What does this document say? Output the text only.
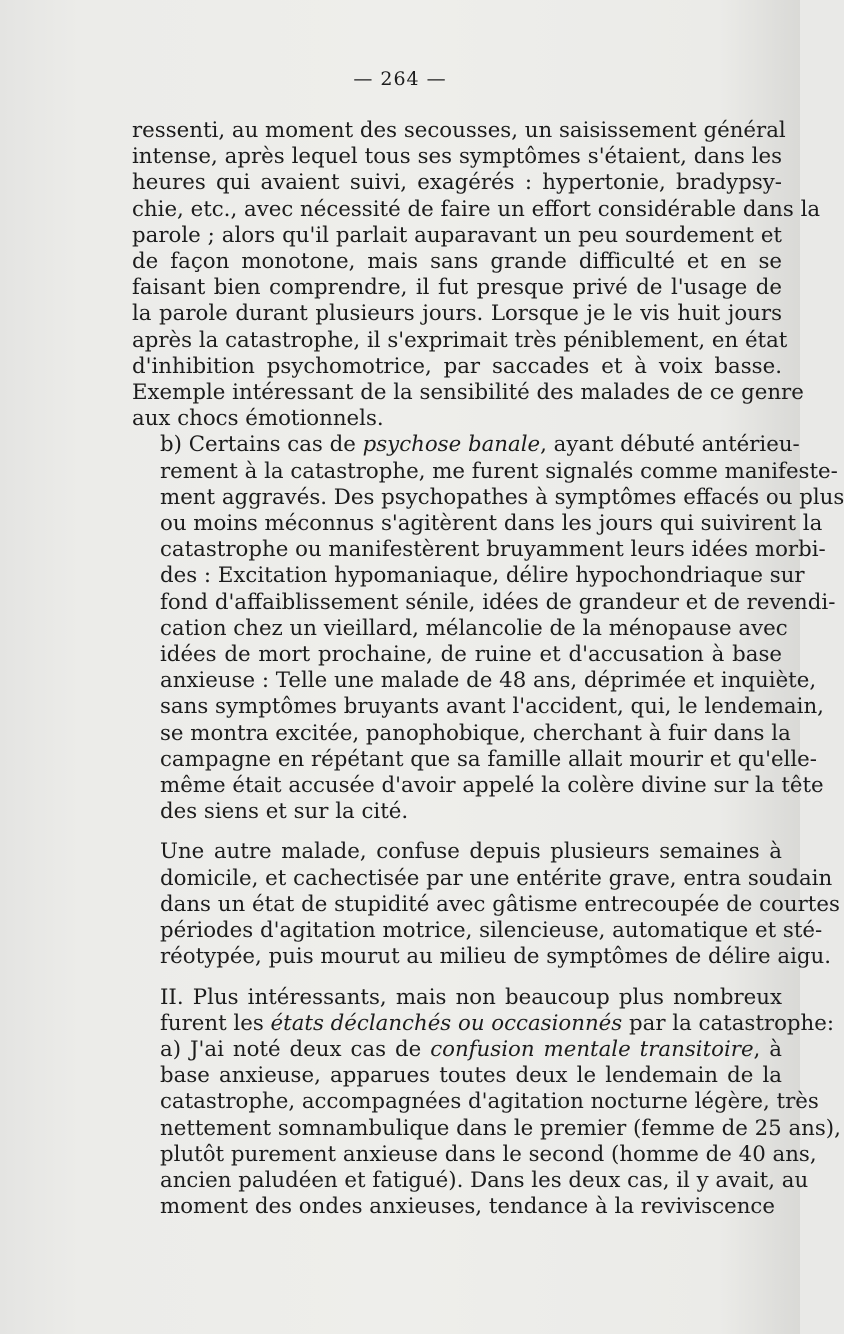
— 264 —

ressenti, au moment des secousses, un saisissement général
intense, après lequel tous ses symptômes s'étaient, dans les
heures qui avaient suivi, exagérés : hypertonie, bradypsy-
chie, etc., avec nécessité de faire un effort considérable dans la
parole ; alors qu'il parlait auparavant un peu sourdement et
de façon monotone, mais sans grande difficulté et en se
faisant bien comprendre, il fut presque privé de l'usage de
la parole durant plusieurs jours. Lorsque je le vis huit jours
après la catastrophe, il s'exprimait très péniblement, en état
d'inhibition psychomotrice, par saccades et à voix basse.
Exemple intéressant de la sensibilité des malades de ce genre
aux chocs émotionnels.

b) Certains cas de psychose banale, ayant débuté antérieu-
rement à la catastrophe, me furent signalés comme manifeste-
ment aggravés. Des psychopathes à symptômes effacés ou plus
ou moins méconnus s'agitèrent dans les jours qui suivirent la
catastrophe ou manifestèrent bruyamment leurs idées morbi-
des : Excitation hypomaniaque, délire hypochondriaque sur
fond d'affaiblissement sénile, idées de grandeur et de revendi-
cation chez un vieillard, mélancolie de la ménopause avec
idées de mort prochaine, de ruine et d'accusation à base
anxieuse : Telle une malade de 48 ans, déprimée et inquiète,
sans symptômes bruyants avant l'accident, qui, le lendemain,
se montra excitée, panophobique, cherchant à fuir dans la
campagne en répétant que sa famille allait mourir et qu'elle-
même était accusée d'avoir appelé la colère divine sur la tête
des siens et sur la cité.

Une autre malade, confuse depuis plusieurs semaines à
domicile, et cachectisée par une entérite grave, entra soudain
dans un état de stupidité avec gâtisme entrecoupée de courtes
périodes d'agitation motrice, silencieuse, automatique et sté-
réotypée, puis mourut au milieu de symptômes de délire aigu.

II. Plus intéressants, mais non beaucoup plus nombreux
furent les états déclanchés ou occasionnés par la catastrophe:

a) J'ai noté deux cas de confusion mentale transitoire, à
base anxieuse, apparues toutes deux le lendemain de la
catastrophe, accompagnées d'agitation nocturne légère, très
nettement somnambulique dans le premier (femme de 25 ans),
plutôt purement anxieuse dans le second (homme de 40 ans,
ancien paludéen et fatigué). Dans les deux cas, il y avait, au
moment des ondes anxieuses, tendance à la reviviscence
